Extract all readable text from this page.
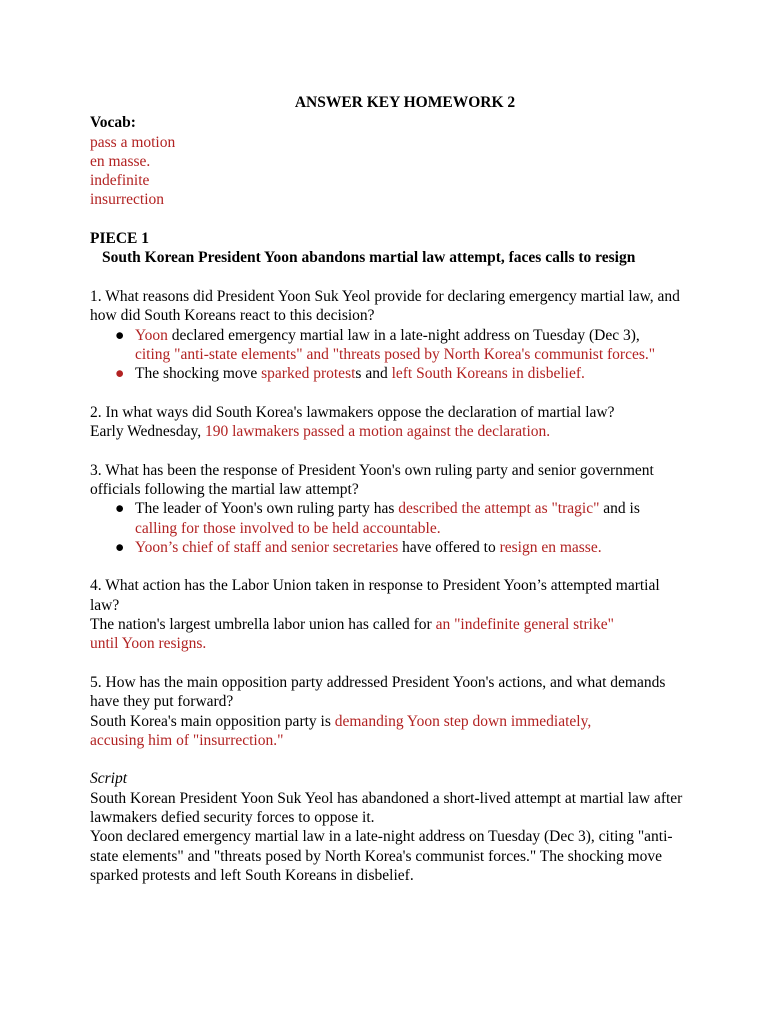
ANSWER KEY HOMEWORK 2
Vocab:
pass a motion
en masse.
indefinite
insurrection
PIECE 1
South Korean President Yoon abandons martial law attempt, faces calls to resign

1. What reasons did President Yoon Suk Yeol provide for declaring emergency martial law, and how did South Koreans react to this decision?

● Yoon declared emergency martial law in a late-night address on Tuesday (Dec 3),
citing "anti-state elements" and "threats posed by North Korea's communist forces."
● The shocking move sparked protests and left South Koreans in disbelief.

2. In what ways did South Korea's lawmakers oppose the declaration of martial law?

Early Wednesday, 190 lawmakers passed a motion against the declaration.

3. What has been the response of President Yoon's own ruling party and senior government officials following the martial law attempt?

● The leader of Yoon's own ruling party has described the attempt as "tragic" and is
calling for those involved to be held accountable.
● Yoon’s chief of staff and senior secretaries have offered to resign en masse.

4. What action has the Labor Union taken in response to President Yoon’s attempted martial law?

The nation's largest umbrella labor union has called for an "indefinite general strike"
until Yoon resigns.

5. How has the main opposition party addressed President Yoon's actions, and what demands have they put forward?

South Korea's main opposition party is demanding Yoon step down immediately,
accusing him of "insurrection."

Script

South Korean President Yoon Suk Yeol has abandoned a short-lived attempt at martial law after lawmakers defied security forces to oppose it.

Yoon declared emergency martial law in a late-night address on Tuesday (Dec 3), citing "anti-state elements" and "threats posed by North Korea's communist forces." The shocking move sparked protests and left South Koreans in disbelief.
